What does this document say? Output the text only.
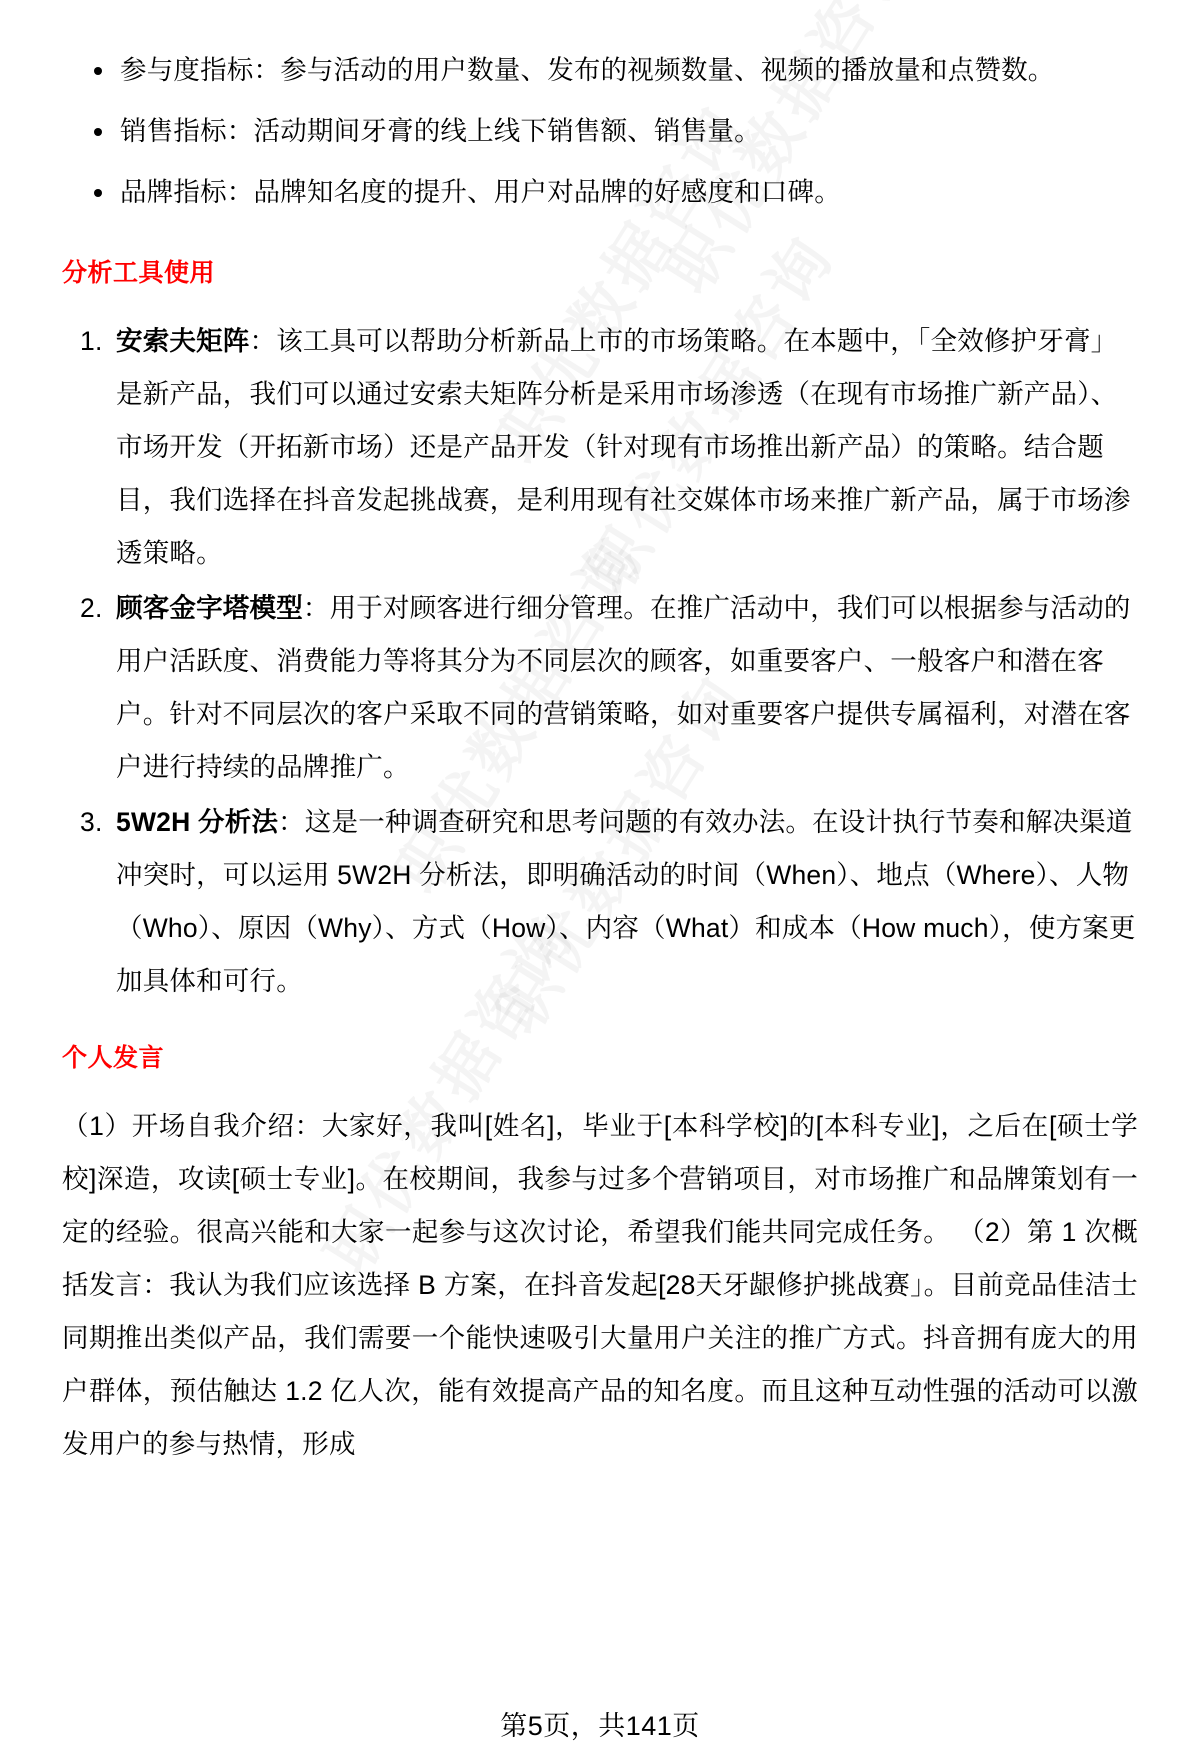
参与度指标：参与活动的用户数量、发布的视频数量、视频的播放量和点赞数。
销售指标：活动期间牙膏的线上线下销售额、销售量。
品牌指标：品牌知名度的提升、用户对品牌的好感度和口碑。
分析工具使用
安索夫矩阵：该工具可以帮助分析新品上市的市场策略。在本题中，「全效修护牙膏」是新产品，我们可以通过安索夫矩阵分析是采用市场渗透（在现有市场推广新产品）、市场开发（开拓新市场）还是产品开发（针对现有市场推出新产品）的策略。结合题目，我们选择在抖音发起挑战赛，是利用现有社交媒体市场来推广新产品，属于市场渗透策略。
顾客金字塔模型：用于对顾客进行细分管理。在推广活动中，我们可以根据参与活动的用户活跃度、消费能力等将其分为不同层次的顾客，如重要客户、一般客户和潜在客户。针对不同层次的客户采取不同的营销策略，如对重要客户提供专属福利，对潜在客户进行持续的品牌推广。
5W2H 分析法：这是一种调查研究和思考问题的有效办法。在设计执行节奏和解决渠道冲突时，可以运用 5W2H 分析法，即明确活动的时间（When）、地点（Where）、人物（Who）、原因（Why）、方式（How）、内容（What）和成本（How much），使方案更加具体和可行。
个人发言

（1）开场自我介绍：大家好，我叫[姓名]，毕业于[本科学校]的[本科专业]，之后在[硕士学校]深造，攻读[硕士专业]。在校期间，我参与过多个营销项目，对市场推广和品牌策划有一定的经验。很高兴能和大家一起参与这次讨论，希望我们能共同完成任务。 （2）第 1 次概括发言：我认为我们应该选择 B 方案，在抖音发起[28天牙龈修护挑战赛」。目前竞品佳洁士同期推出类似产品，我们需要一个能快速吸引大量用户关注的推广方式。抖音拥有庞大的用户群体，预估触达 1.2 亿人次，能有效提高产品的知名度。而且这种互动性强的活动可以激发用户的参与热情，形成

第5页，共141页
